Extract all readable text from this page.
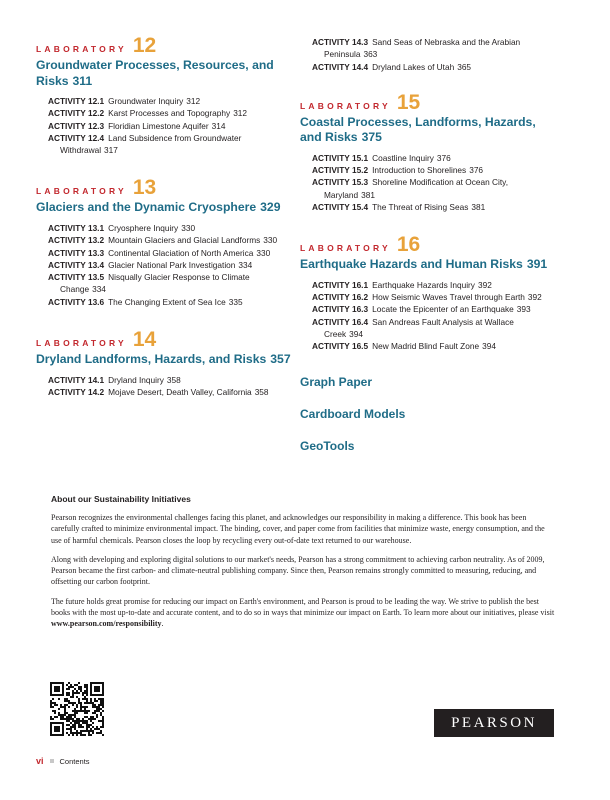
LABORATORY 12
Groundwater Processes, Resources, and Risks 311
ACTIVITY 12.1 Groundwater Inquiry 312
ACTIVITY 12.2 Karst Processes and Topography 312
ACTIVITY 12.3 Floridian Limestone Aquifer 314
ACTIVITY 12.4 Land Subsidence from Groundwater Withdrawal 317
LABORATORY 13
Glaciers and the Dynamic Cryosphere 329
ACTIVITY 13.1 Cryosphere Inquiry 330
ACTIVITY 13.2 Mountain Glaciers and Glacial Landforms 330
ACTIVITY 13.3 Continental Glaciation of North America 330
ACTIVITY 13.4 Glacier National Park Investigation 334
ACTIVITY 13.5 Nisqually Glacier Response to Climate Change 334
ACTIVITY 13.6 The Changing Extent of Sea Ice 335
LABORATORY 14
Dryland Landforms, Hazards, and Risks 357
ACTIVITY 14.1 Dryland Inquiry 358
ACTIVITY 14.2 Mojave Desert, Death Valley, California 358
ACTIVITY 14.3 Sand Seas of Nebraska and the Arabian Peninsula 363
ACTIVITY 14.4 Dryland Lakes of Utah 365
LABORATORY 15
Coastal Processes, Landforms, Hazards, and Risks 375
ACTIVITY 15.1 Coastline Inquiry 376
ACTIVITY 15.2 Introduction to Shorelines 376
ACTIVITY 15.3 Shoreline Modification at Ocean City, Maryland 381
ACTIVITY 15.4 The Threat of Rising Seas 381
LABORATORY 16
Earthquake Hazards and Human Risks 391
ACTIVITY 16.1 Earthquake Hazards Inquiry 392
ACTIVITY 16.2 How Seismic Waves Travel through Earth 392
ACTIVITY 16.3 Locate the Epicenter of an Earthquake 393
ACTIVITY 16.4 San Andreas Fault Analysis at Wallace Creek 394
ACTIVITY 16.5 New Madrid Blind Fault Zone 394
Graph Paper
Cardboard Models
GeoTools
About our Sustainability Initiatives
Pearson recognizes the environmental challenges facing this planet, and acknowledges our responsibility in making a difference. This book has been carefully crafted to minimize environmental impact. The binding, cover, and paper come from facilities that minimize waste, energy consumption, and the use of harmful chemicals. Pearson closes the loop by recycling every out-of-date text returned to our warehouse.
Along with developing and exploring digital solutions to our market's needs, Pearson has a strong commitment to achieving carbon neutrality. As of 2009, Pearson became the first carbon- and climate-neutral publishing company. Since then, Pearson remains strongly committed to measuring, reducing, and offsetting our carbon footprint.
The future holds great promise for reducing our impact on Earth's environment, and Pearson is proud to be leading the way. We strive to publish the best books with the most up-to-date and accurate content, and to do so in ways that minimize our impact on Earth. To learn more about our initiatives, please visit www.pearson.com/responsibility.
PEARSON
vi Contents
